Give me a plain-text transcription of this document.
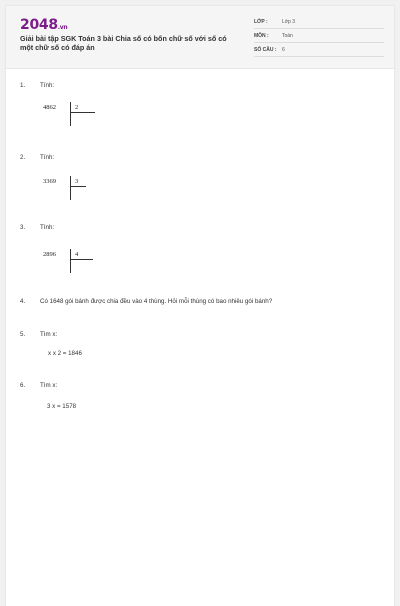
2048.vn
Giải bài tập SGK Toán 3 bài Chia số có bốn chữ số với số có một chữ số có đáp án
LỚP :	Lớp 3
MÔN :	Toán
SỐ CÂU : 6
1.	Tính:
4862	2
2.	Tính:
3369	3
3.	Tính:
2896	4
4.	Có 1648 gói bánh được chia đều vào 4 thùng. Hỏi mỗi thùng có bao nhiêu gói bánh?
5.	Tìm x:
x x 2 = 1846
6.	Tìm x:
3 x = 1578
